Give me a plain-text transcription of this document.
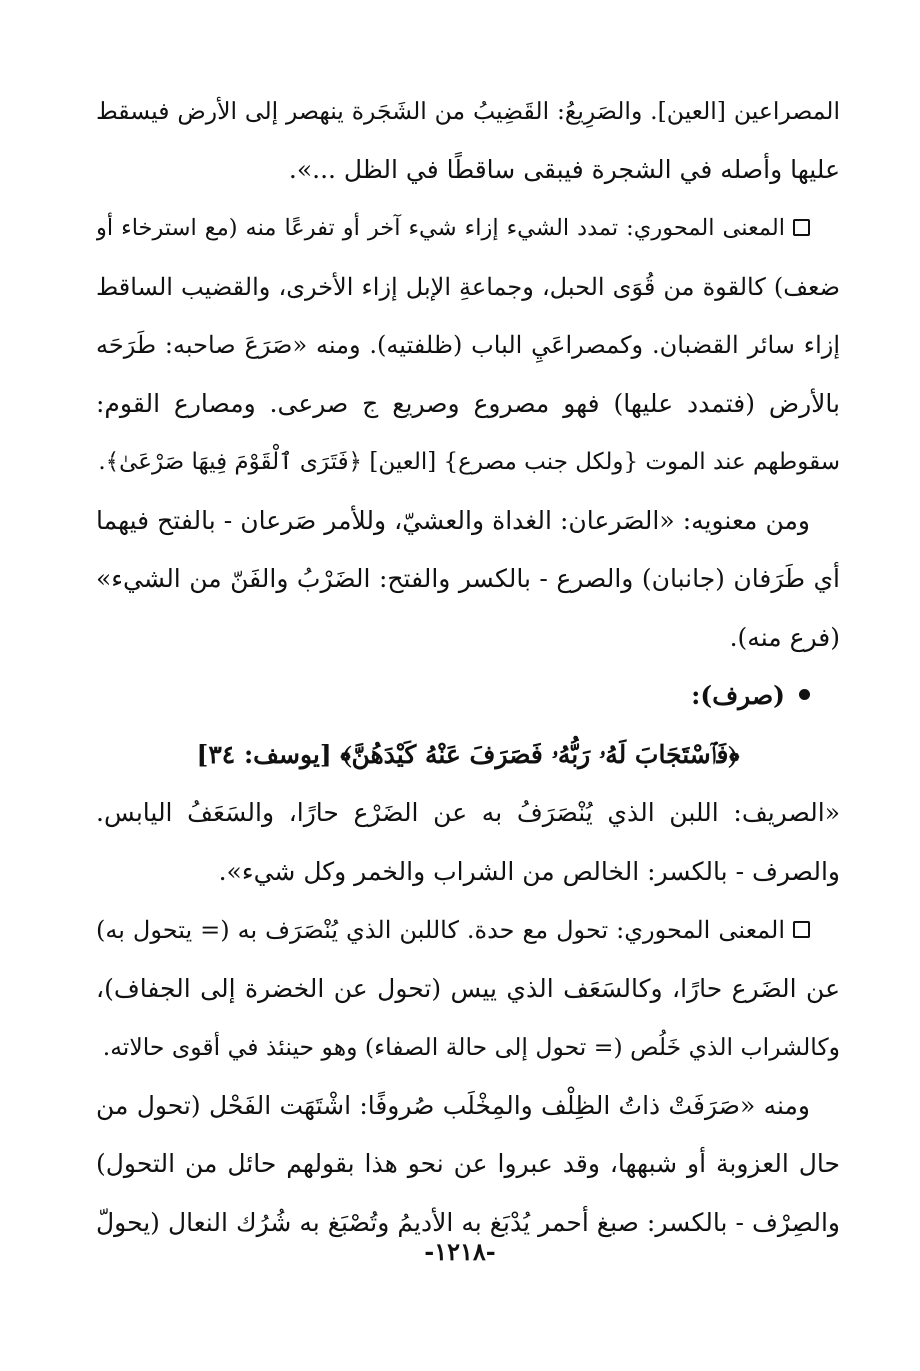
المصراعين [العين]. والصَرِيعُ: القَضِيبُ من الشَجَرة ينهصر إلى الأرض فيسقط
عليها وأصله في الشجرة فيبقى ساقطًا في الظل ...».
المعنى المحوري: تمدد الشيء إزاء شيء آخر أو تفرعًا منه (مع استرخاء أو
ضعف) كالقوة من قُوَى الحبل، وجماعةِ الإبل إزاء الأخرى، والقضيب الساقط
إزاء سائر القضبان. وكمصراعَيِ الباب (ظلفتيه). ومنه «صَرَعَ صاحبه: طَرَحَه
بالأرض (فتمدد عليها) فهو مصروع وصريع ج صرعى. ومصارع القوم:
سقوطهم عند الموت {ولكل جنب مصرع} [العين] ﴿فَتَرَى ٱلْقَوْمَ فِيهَا صَرْعَىٰ﴾.
ومن معنويه: «الصَرعان: الغداة والعشيّ، وللأمر صَرعان - بالفتح فيهما
أي طَرَفان (جانبان) والصرع - بالكسر والفتح: الضَرْبُ والفَنّ من الشيء»
(فرع منه).
(صرف):
﴿فَٱسْتَجَابَ لَهُۥ رَبُّهُۥ فَصَرَفَ عَنْهُ كَيْدَهُنَّ﴾ [يوسف: ٣٤]
«الصريف: اللبن الذي يُنْصَرَفُ به عن الضَرْع حارًا، والسَعَفُ اليابس.
والصرف - بالكسر: الخالص من الشراب والخمر وكل شيء».
المعنى المحوري: تحول مع حدة. كاللبن الذي يُنْصَرَف به (= يتحول به)
عن الضَرع حارًا، وكالسَعَف الذي ييس (تحول عن الخضرة إلى الجفاف)،
وكالشراب الذي خَلُص (= تحول إلى حالة الصفاء) وهو حينئذ في أقوى حالاته.
ومنه «صَرَفَتْ ذاتُ الظِلْف والمِخْلَب صُروفًا: اشْتَهَت الفَحْل (تحول من
حال العزوبة أو شبهها، وقد عبروا عن نحو هذا بقولهم حائل من التحول)
والصِرْف - بالكسر: صبغ أحمر يُدْبَغ به الأديمُ وتُصْبَغ به شُرُك النعال (يحولّ
-١٢١٨-
